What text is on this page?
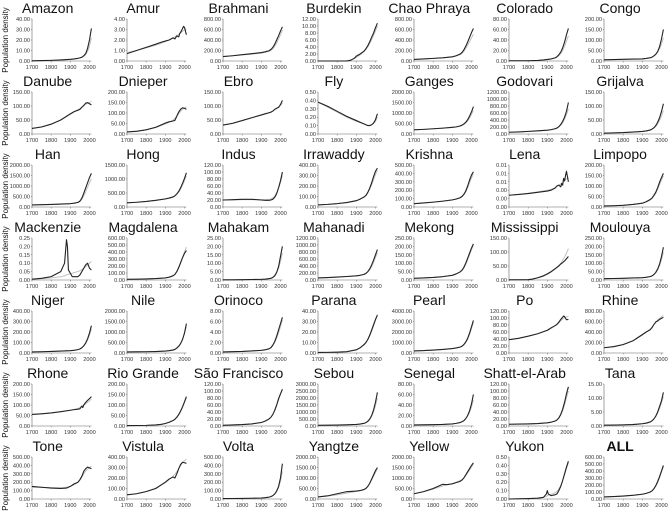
Population density
Population density
Population density
Population density
Population density
Population density
Population density
Amazon
0.00
10.00
20.00
30.00
40.00
1700 1800 1900 2000
Amur
0.00
1.00
2.00
3.00
4.00
1700 1800 1900 2000
Brahmani
0.00
200.00
400.00
600.00
800.00
1700 1800 1900 2000
Burdekin
0.00
2.00
4.00
6.00
8.00
10.00
12.00
1700 1800 1900 2000
Chao Phraya
0.00
200.00
400.00
600.00
800.00
1700 1800 1900 2000
Colorado
0.00
20.00
40.00
60.00
80.00
1700 1800 1900 2000
Congo
0.00
50.00
100.00
150.00
200.00
1700 1800 1900 2000
Danube
0.00
50.00
100.00
150.00
1700 1800 1900 2000
Dnieper
0.00
50.00
100.00
150.00
200.00
1700 1800 1900 2000
Ebro
0.00
50.00
100.00
150.00
1700 1800 1900 2000
Fly
0.00
0.10
0.20
0.30
0.40
0.50
1700 1800 1900 2000
Ganges
0.00
500.00
1000.00
1500.00
2000.00
1700 1800 1900 2000
Godovari
0.00
200.00
400.00
600.00
800.00
1000.00
1200.00
1700 1800 1900 2000
Grijalva
0.00
50.00
100.00
150.00
1700 1800 1900 2000
Han
0.00
500.00
1000.00
1500.00
2000.00
1700 1800 1900 2000
Hong
0.00
500.00
1000.00
1500.00
1700 1800 1900 2000
Indus
0.00
20.00
40.00
60.00
80.00
100.00
120.00
1700 1800 1900 2000
Irrawaddy
0.00
100.00
200.00
300.00
400.00
1700 1800 1900 2000
Krishna
0.00
100.00
200.00
300.00
400.00
500.00
1700 1800 1900 2000
Lena
0.00
0.00
0.00
0.01
0.01
0.01
1700 1800 1900 2000
Limpopo
0.00
50.00
100.00
150.00
200.00
1700 1800 1900 2000
Mackenzie
0.00
0.05
0.10
0.15
0.20
0.25
1700 1800 1900 2000
Magdalena
0.00
100.00
200.00
300.00
400.00
500.00
600.00
1700 1800 1900 2000
Mahakam
0.00
5.00
10.00
15.00
20.00
25.00
1700 1800 1900 2000
Mahanadi
0.00
200.00
400.00
600.00
800.00
1000.00
1200.00
1700 1800 1900 2000
Mekong
0.00
50.00
100.00
150.00
200.00
250.00
1700 1800 1900 2000
Mississippi
0.00
50.00
100.00
150.00
1700 1800 1900 2000
Moulouya
0.00
50.00
100.00
150.00
200.00
250.00
1700 1800 1900 2000
Niger
0.00
100.00
200.00
300.00
400.00
1700 1800 1900 2000
Nile
0.00
500.00
1000.00
1500.00
2000.00
1700 1800 1900 2000
Orinoco
0.00
2.00
4.00
6.00
8.00
1700 1800 1900 2000
Parana
0.00
10.00
20.00
30.00
40.00
1700 1800 1900 2000
Pearl
0.00
1000.00
2000.00
3000.00
4000.00
1700 1800 1900 2000
Po
0.00
20.00
40.00
60.00
80.00
100.00
120.00
1700 1800 1900 2000
Rhine
0.00
200.00
400.00
600.00
800.00
1700 1800 1900 2000
Rhone
0.00
50.00
100.00
150.00
200.00
1700 1800 1900 2000
Rio Grande
0.00
50.00
100.00
150.00
200.00
1700 1800 1900 2000
São Francisco
0.00
20.00
40.00
60.00
80.00
100.00
120.00
1700 1800 1900 2000
Sebou
0.00
500.00
1000.00
1500.00
2000.00
2500.00
3000.00
1700 1800 1900 2000
Senegal
0.00
20.00
40.00
60.00
80.00
1700 1800 1900 2000
Shatt-el-Arab
0.00
20.00
40.00
60.00
80.00
100.00
120.00
1700 1800 1900 2000
Tana
0.00
5.00
10.00
15.00
1700 1800 1900 2000
Tone
0.00
100.00
200.00
300.00
400.00
500.00
1700 1800 1900 2000
Vistula
0.00
100.00
200.00
300.00
400.00
1700 1800 1900 2000
Volta
0.00
100.00
200.00
300.00
400.00
500.00
1700 1800 1900 2000
Yangtze
0.00
500.00
1000.00
1500.00
2000.00
1700 1800 1900 2000
Yellow
0.00
500.00
1000.00
1500.00
2000.00
1700 1800 1900 2000
Yukon
0.00
0.10
0.20
0.30
0.40
0.50
1700 1800 1900 2000
ALL
0.00
100.00
200.00
300.00
400.00
500.00
600.00
1700 1800 1900 2000
